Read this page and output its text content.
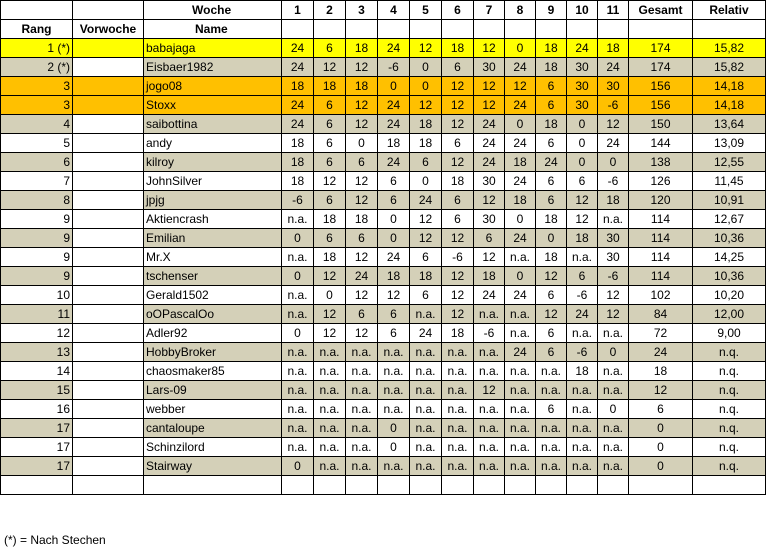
		Woche	1	2	3	4	5	6	7	8	9	10	11	Gesamt	Relativ
Rang	Vorwoche	Name													
1 (*)		babajaga	24	6	18	24	12	18	12	0	18	24	18	174	15,82
2 (*)		Eisbaer1982	24	12	12	-6	0	6	30	24	18	30	24	174	15,82
3		jogo08	18	18	18	0	0	12	12	12	6	30	30	156	14,18
3		Stoxx	24	6	12	24	12	12	12	24	6	30	-6	156	14,18
4		saibottina	24	6	12	24	18	12	24	0	18	0	12	150	13,64
5		andy	18	6	0	18	18	6	24	24	6	0	24	144	13,09
6		kilroy	18	6	6	24	6	12	24	18	24	0	0	138	12,55
7		JohnSilver	18	12	12	6	0	18	30	24	6	6	-6	126	11,45
8		jpjg	-6	6	12	6	24	6	12	18	6	12	18	120	10,91
9		Aktiencrash	n.a.	18	18	0	12	6	30	0	18	12	n.a.	114	12,67
9		Emilian	0	6	6	0	12	12	6	24	0	18	30	114	10,36
9		Mr.X	n.a.	18	12	24	6	-6	12	n.a.	18	n.a.	30	114	14,25
9		tschenser	0	12	24	18	18	12	18	0	12	6	-6	114	10,36
10		Gerald1502	n.a.	0	12	12	6	12	24	24	6	-6	12	102	10,20
11		oOPascalOo	n.a.	12	6	6	n.a.	12	n.a.	n.a.	12	24	12	84	12,00
12		Adler92	0	12	12	6	24	18	-6	n.a.	6	n.a.	n.a.	72	9,00
13		HobbyBroker	n.a.	n.a.	n.a.	n.a.	n.a.	n.a.	n.a.	24	6	-6	0	24	n.q.
14		chaosmaker85	n.a.	n.a.	n.a.	n.a.	n.a.	n.a.	n.a.	n.a.	n.a.	18	n.a.	18	n.q.
15		Lars-09	n.a.	n.a.	n.a.	n.a.	n.a.	n.a.	12	n.a.	n.a.	n.a.	n.a.	12	n.q.
16		webber	n.a.	n.a.	n.a.	n.a.	n.a.	n.a.	n.a.	n.a.	6	n.a.	0	6	n.q.
17		cantaloupe	n.a.	n.a.	n.a.	0	n.a.	n.a.	n.a.	n.a.	n.a.	n.a.	n.a.	0	n.q.
17		Schinzilord	n.a.	n.a.	n.a.	0	n.a.	n.a.	n.a.	n.a.	n.a.	n.a.	n.a.	0	n.q.
17		Stairway	0	n.a.	n.a.	n.a.	n.a.	n.a.	n.a.	n.a.	n.a.	n.a.	n.a.	0	n.q.

(*) = Nach Stechen
